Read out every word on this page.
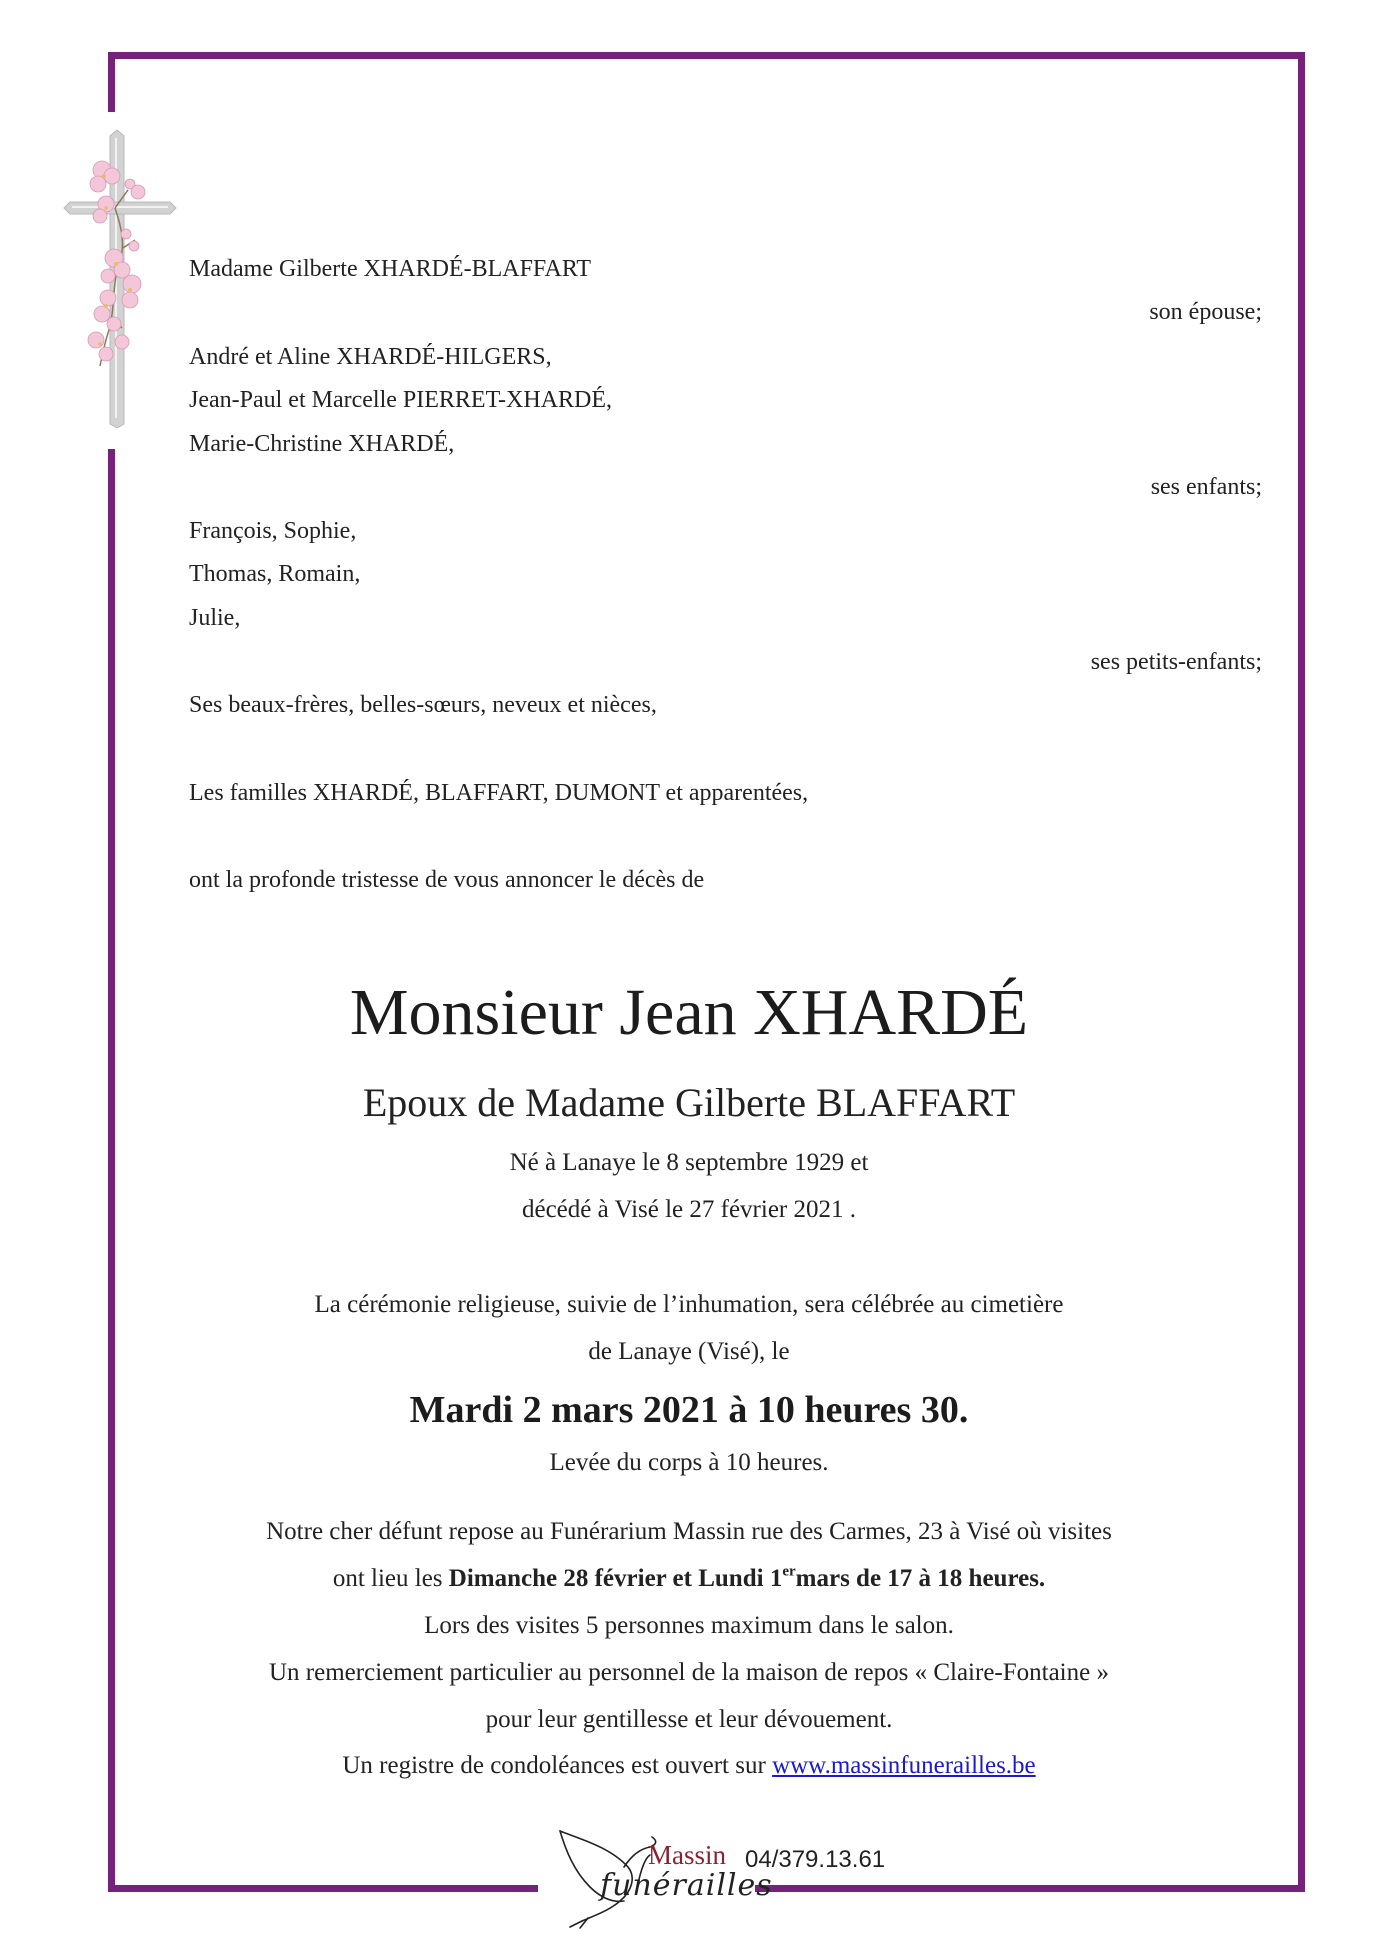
Madame Gilberte XHARDÉ-BLAFFART
son épouse;
André et Aline XHARDÉ-HILGERS,
Jean-Paul et Marcelle PIERRET-XHARDÉ,
Marie-Christine XHARDÉ,
ses enfants;
François, Sophie,
Thomas, Romain,
Julie,
ses petits-enfants;
Ses beaux-frères, belles-sœurs, neveux et nièces,
Les familles XHARDÉ, BLAFFART, DUMONT et apparentées,
ont la profonde tristesse de vous annoncer le décès de
Monsieur Jean XHARDÉ
Epoux de Madame Gilberte BLAFFART
Né à Lanaye le 8 septembre 1929 et
décédé à Visé le 27 février 2021 .
La cérémonie religieuse, suivie de l’inhumation, sera célébrée au cimetière
de Lanaye (Visé), le
Mardi 2 mars 2021 à 10 heures 30.
Levée du corps à 10 heures.
Notre cher défunt repose au Funérarium Massin rue des Carmes, 23 à Visé où visites
ont lieu les Dimanche 28 février et Lundi 1ermars de 17 à 18 heures.
Lors des visites 5 personnes maximum dans le salon.
Un remerciement particulier au personnel de la maison de repos « Claire-Fontaine »
pour leur gentillesse et leur dévouement.
Un registre de condoléances est ouvert sur www.massinfunerailles.be
Massin
funérailles
04/379.13.61
